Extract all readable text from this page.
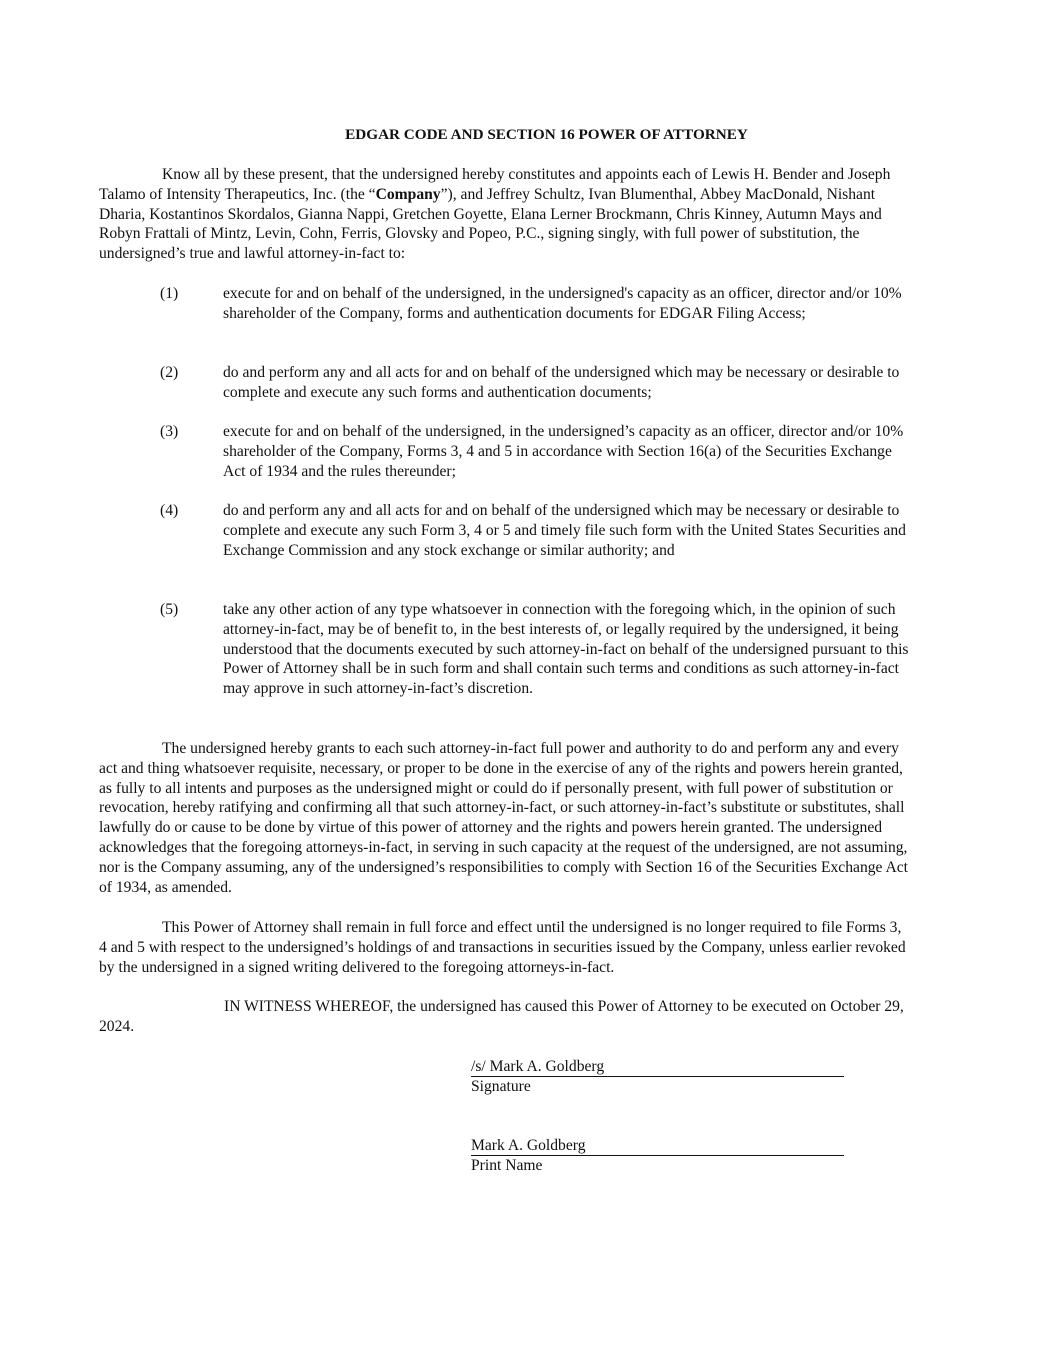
EDGAR CODE AND SECTION 16 POWER OF ATTORNEY

Know all by these present, that the undersigned hereby constitutes and appoints each of Lewis H. Bender and Joseph Talamo of Intensity Therapeutics, Inc. (the “Company”), and Jeffrey Schultz, Ivan Blumenthal, Abbey MacDonald, Nishant Dharia, Kostantinos Skordalos, Gianna Nappi, Gretchen Goyette, Elana Lerner Brockmann, Chris Kinney, Autumn Mays and Robyn Frattali of Mintz, Levin, Cohn, Ferris, Glovsky and Popeo, P.C., signing singly, with full power of substitution, the undersigned’s true and lawful attorney-in-fact to:

(1)	execute for and on behalf of the undersigned, in the undersigned's capacity as an officer, director and/or 10% shareholder of the Company, forms and authentication documents for EDGAR Filing Access;
(2)	do and perform any and all acts for and on behalf of the undersigned which may be necessary or desirable to complete and execute any such forms and authentication documents;
(3)	execute for and on behalf of the undersigned, in the undersigned’s capacity as an officer, director and/or 10% shareholder of the Company, Forms 3, 4 and 5 in accordance with Section 16(a) of the Securities Exchange Act of 1934 and the rules thereunder;
(4)	do and perform any and all acts for and on behalf of the undersigned which may be necessary or desirable to complete and execute any such Form 3, 4 or 5 and timely file such form with the United States Securities and Exchange Commission and any stock exchange or similar authority; and
(5)	take any other action of any type whatsoever in connection with the foregoing which, in the opinion of such attorney-in-fact, may be of benefit to, in the best interests of, or legally required by the undersigned, it being understood that the documents executed by such attorney-in-fact on behalf of the undersigned pursuant to this Power of Attorney shall be in such form and shall contain such terms and conditions as such attorney-in-fact may approve in such attorney-in-fact’s discretion.

The undersigned hereby grants to each such attorney-in-fact full power and authority to do and perform any and every act and thing whatsoever requisite, necessary, or proper to be done in the exercise of any of the rights and powers herein granted, as fully to all intents and purposes as the undersigned might or could do if personally present, with full power of substitution or revocation, hereby ratifying and confirming all that such attorney-in-fact, or such attorney-in-fact’s substitute or substitutes, shall lawfully do or cause to be done by virtue of this power of attorney and the rights and powers herein granted. The undersigned acknowledges that the foregoing attorneys-in-fact, in serving in such capacity at the request of the undersigned, are not assuming, nor is the Company assuming, any of the undersigned’s responsibilities to comply with Section 16 of the Securities Exchange Act of 1934, as amended.

This Power of Attorney shall remain in full force and effect until the undersigned is no longer required to file Forms 3, 4 and 5 with respect to the undersigned’s holdings of and transactions in securities issued by the Company, unless earlier revoked by the undersigned in a signed writing delivered to the foregoing attorneys-in-fact.

IN WITNESS WHEREOF, the undersigned has caused this Power of Attorney to be executed on October 29, 2024.

/s/ Mark A. Goldberg
Signature
Mark A. Goldberg
Print Name
